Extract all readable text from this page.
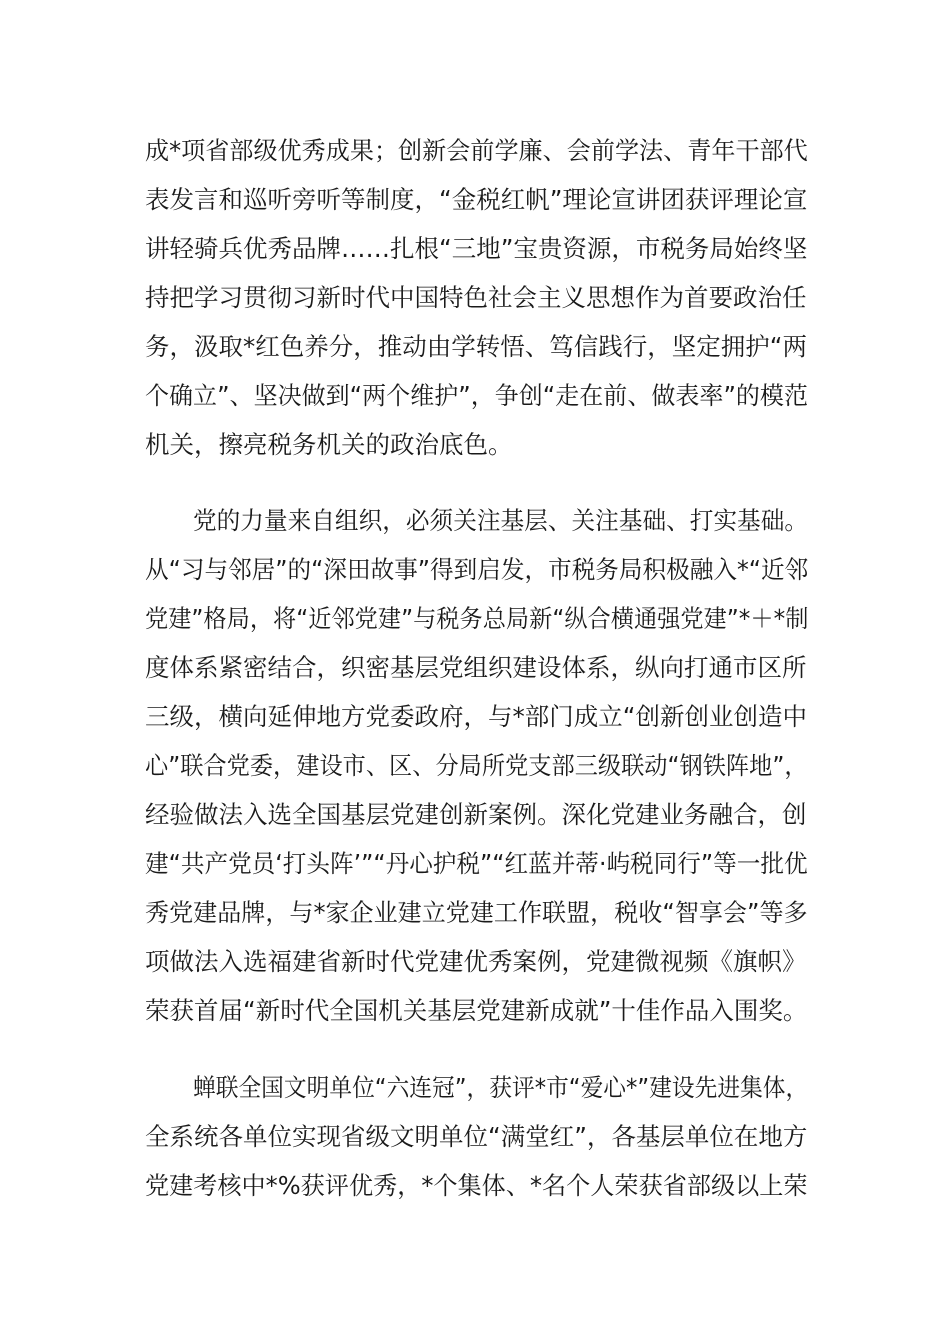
成*项省部级优秀成果；创新会前学廉、会前学法、青年干部代
表发言和巡听旁听等制度，“金税红帆”理论宣讲团获评理论宣
讲轻骑兵优秀品牌……扎根“三地”宝贵资源，市税务局始终坚
持把学习贯彻习新时代中国特色社会主义思想作为首要政治任
务，汲取*红色养分，推动由学转悟、笃信践行，坚定拥护“两
个确立”、坚决做到“两个维护”，争创“走在前、做表率”的模范
机关，擦亮税务机关的政治底色。
党的力量来自组织，必须关注基层、关注基础、打实基础。
从“习与邻居”的“深田故事”得到启发，市税务局积极融入*“近邻
党建”格局，将“近邻党建”与税务总局新“纵合横通强党建”*＋*制
度体系紧密结合，织密基层党组织建设体系，纵向打通市区所
三级，横向延伸地方党委政府，与*部门成立“创新创业创造中
心”联合党委，建设市、区、分局所党支部三级联动“钢铁阵地”，
经验做法入选全国基层党建创新案例。深化党建业务融合，创
建“共产党员‘打头阵’”“丹心护税”“红蓝并蒂·屿税同行”等一批优
秀党建品牌，与*家企业建立党建工作联盟，税收“智享会”等多
项做法入选福建省新时代党建优秀案例，党建微视频《旗帜》
荣获首届“新时代全国机关基层党建新成就”十佳作品入围奖。
蝉联全国文明单位“六连冠”，获评*市“爱心*”建设先进集体，
全系统各单位实现省级文明单位“满堂红”，各基层单位在地方
党建考核中*%获评优秀，*个集体、*名个人荣获省部级以上荣
